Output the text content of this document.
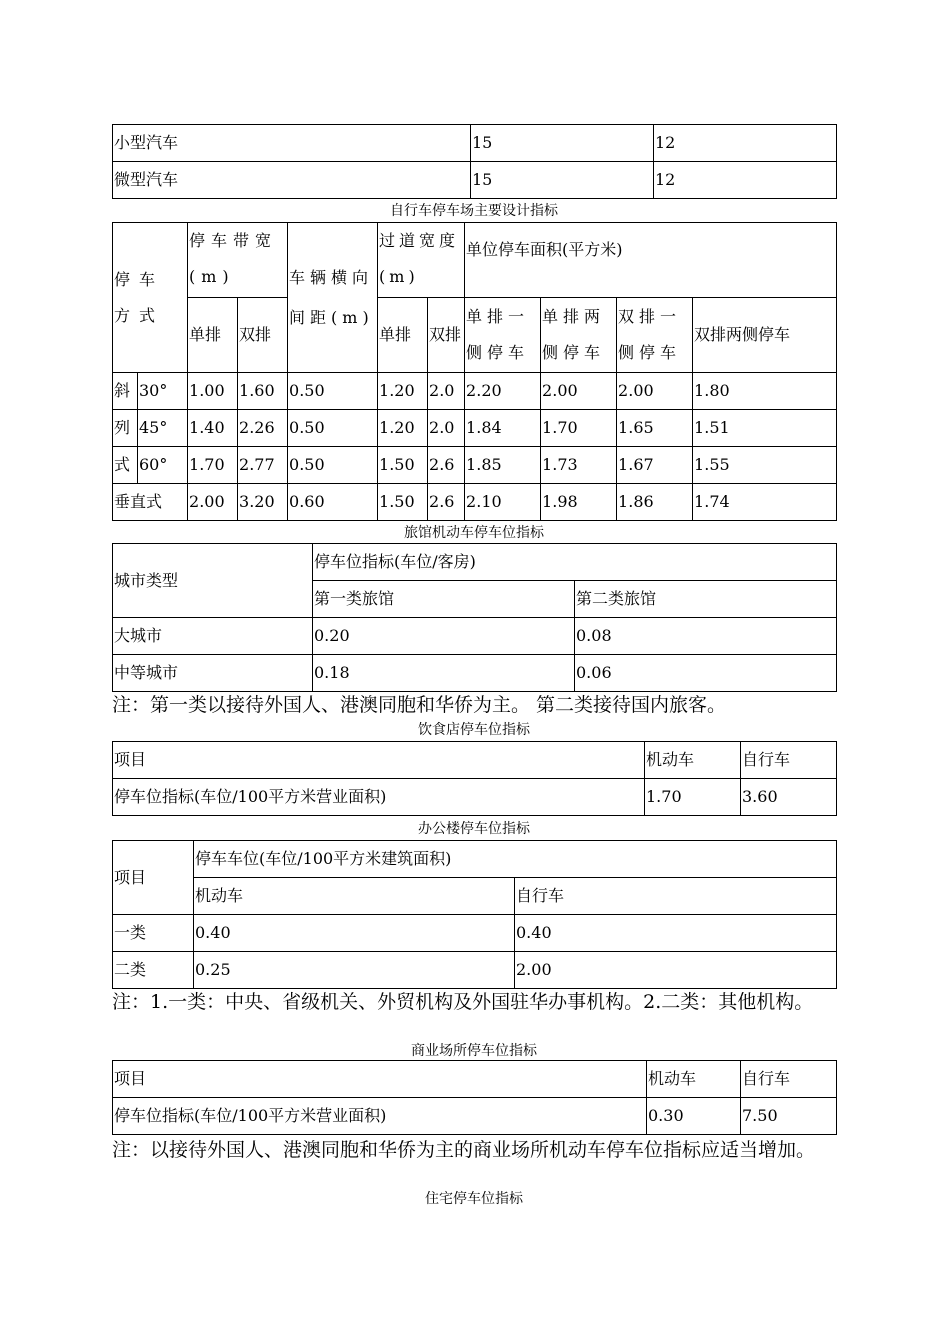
小型汽车	15	12
微型汽车	15	12
自行车停车场主要设计指标
停车方式		停车带宽(m)		车辆横向间距(m)	过道宽度(m)		单位停车面积(平方米)			
		单排	双排		单排	双排	单排一侧停车	单排两侧停车	双排一侧停车	双排两侧停车
斜	30°	1.00	1.60	0.50	1.20	2.0	2.20	2.00	2.00	1.80
列	45°	1.40	2.26	0.50	1.20	2.0	1.84	1.70	1.65	1.51
式	60°	1.70	2.77	0.50	1.50	2.6	1.85	1.73	1.67	1.55
垂直式		2.00	3.20	0.60	1.50	2.6	2.10	1.98	1.86	1.74
旅馆机动车停车位指标
城市类型	停车位指标(车位/客房)	
	第一类旅馆	第二类旅馆
大城市	0.20	0.08
中等城市	0.18	0.06
注：第一类以接待外国人、港澳同胞和华侨为主。 第二类接待国内旅客。
饮食店停车位指标
项目	机动车	自行车
停车位指标(车位/100平方米营业面积)	1.70	3.60
办公楼停车位指标
项目	停车车位(车位/100平方米建筑面积)	
	机动车	自行车
一类	0.40	0.40
二类	0.25	2.00
注：1.一类：中央、省级机关、外贸机构及外国驻华办事机构。2.二类：其他机构。
商业场所停车位指标
项目	机动车	自行车
停车位指标(车位/100平方米营业面积)	0.30	7.50
注：以接待外国人、港澳同胞和华侨为主的商业场所机动车停车位指标应适当增加。
住宅停车位指标
